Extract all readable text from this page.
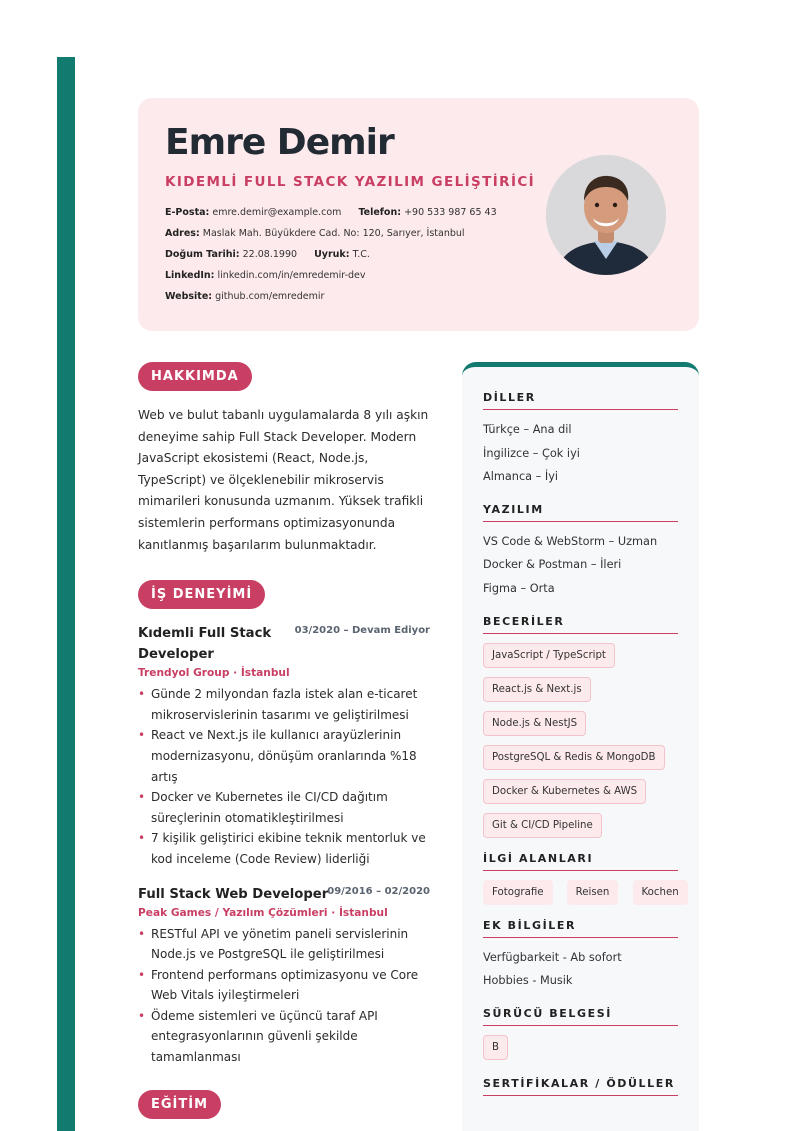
Emre Demir
KIDEMLİ FULL STACK YAZILIM GELİŞTİRİCİ
E-Posta: emre.demir@example.com Telefon: +90 533 987 65 43
Adres: Maslak Mah. Büyükdere Cad. No: 120, Sarıyer, İstanbul
Doğum Tarihi: 22.08.1990 Uyruk: T.C.
LinkedIn: linkedin.com/in/emredemir-dev
Website: github.com/emredemir
HAKKIMDA

Web ve bulut tabanlı uygulamalarda 8 yılı aşkın deneyime sahip Full Stack Developer. Modern JavaScript ekosistemi (React, Node.js, TypeScript) ve ölçeklenebilir mikroservis mimarileri konusunda uzmanım. Yüksek trafikli sistemlerin performans optimizasyonunda kanıtlanmış başarılarım bulunmaktadır.

İŞ DENEYİMİ
Kıdemli Full Stack Developer
03/2020 – Devam Ediyor
Trendyol Group · İstanbul
• Günde 2 milyondan fazla istek alan e-ticaret mikroservislerinin tasarımı ve geliştirilmesi
• React ve Next.js ile kullanıcı arayüzlerinin modernizasyonu, dönüşüm oranlarında %18 artış
• Docker ve Kubernetes ile CI/CD dağıtım süreçlerinin otomatikleştirilmesi
• 7 kişilik geliştirici ekibine teknik mentorluk ve kod inceleme (Code Review) liderliği
Full Stack Web Developer 09/2016 – 02/2020
Peak Games / Yazılım Çözümleri · İstanbul
• RESTful API ve yönetim paneli servislerinin Node.js ve PostgreSQL ile geliştirilmesi
• Frontend performans optimizasyonu ve Core Web Vitals iyileştirmeleri
• Ödeme sistemleri ve üçüncü taraf API entegrasyonlarının güvenli şekilde tamamlanması
EĞİTİM
DİLLER
Türkçe – Ana dil
İngilizce – Çok iyi
Almanca – İyi
YAZILIM
VS Code & WebStorm – Uzman
Docker & Postman – İleri
Figma – Orta
BECERİLER
JavaScript / TypeScript
React.js & Next.js
Node.js & NestJS
PostgreSQL & Redis & MongoDB
Docker & Kubernetes & AWS
Git & CI/CD Pipeline
İLGİ ALANLARI
Fotografie	Reisen	Kochen
EK BİLGİLER
Verfügbarkeit - Ab sofort
Hobbies - Musik
SÜRÜCÜ BELGESİ
B
SERTİFİKALAR / ÖDÜLLER
